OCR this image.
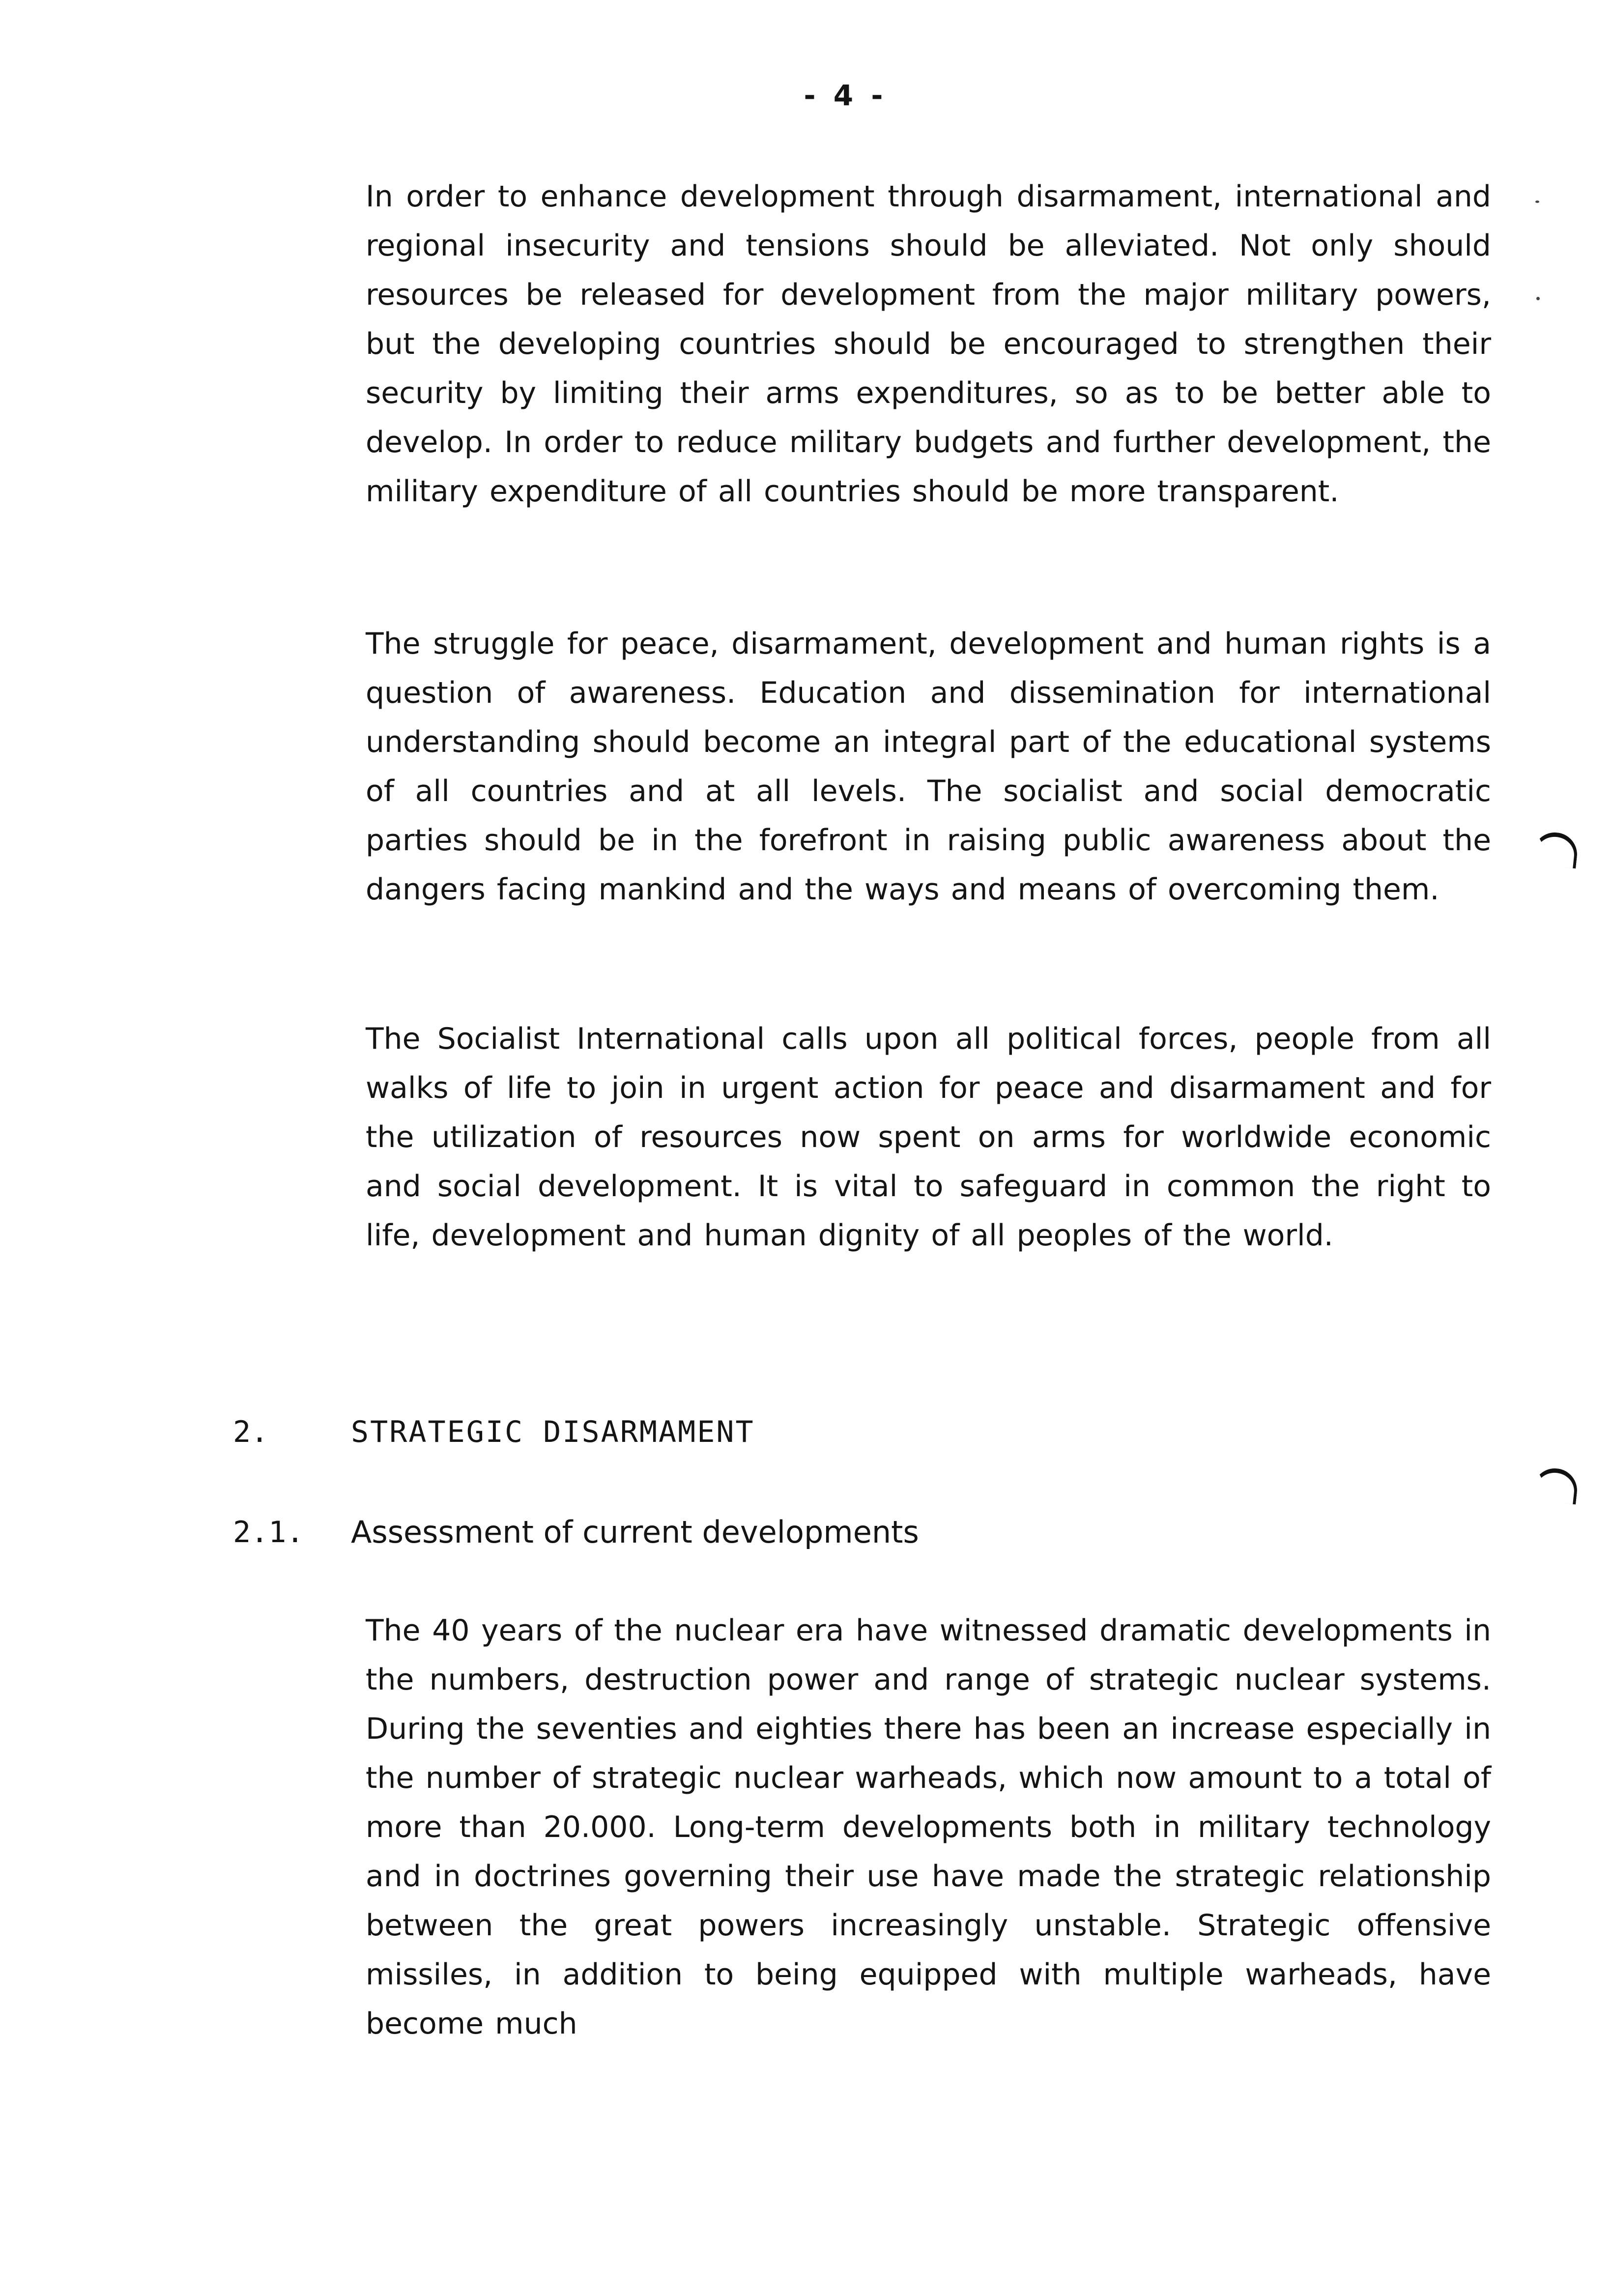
- 4 -

In order to enhance development through disarmament, international and regional insecurity and tensions should be alleviated. Not only should resources be released for development from the major military powers, but the developing countries should be encouraged to strengthen their security by limiting their arms expenditures, so as to be better able to develop. In order to reduce military budgets and further development, the military expenditure of all countries should be more transparent.

The struggle for peace, disarmament, development and human rights is a question of awareness. Education and dissemination for international understanding should become an integral part of the educational systems of all countries and at all levels. The socialist and social democratic parties should be in the forefront in raising public awareness about the dangers facing mankind and the ways and means of overcoming them.

The Socialist International calls upon all political forces, people from all walks of life to join in urgent action for peace and disarmament and for the utilization of resources now spent on arms for worldwide economic and social development. It is vital to safeguard in common the right to life, development and human dignity of all peoples of the world.

2.	STRATEGIC DISARMAMENT
2.1. Assessment of current developments

The 40 years of the nuclear era have witnessed dramatic developments in the numbers, destruction power and range of strategic nuclear systems. During the seventies and eighties there has been an increase especially in the number of strategic nuclear warheads, which now amount to a total of more than 20.000. Long-term developments both in military technology and in doctrines governing their use have made the strategic relationship between the great powers increasingly unstable. Strategic offensive missiles, in addition to being equipped with multiple warheads, have become much
